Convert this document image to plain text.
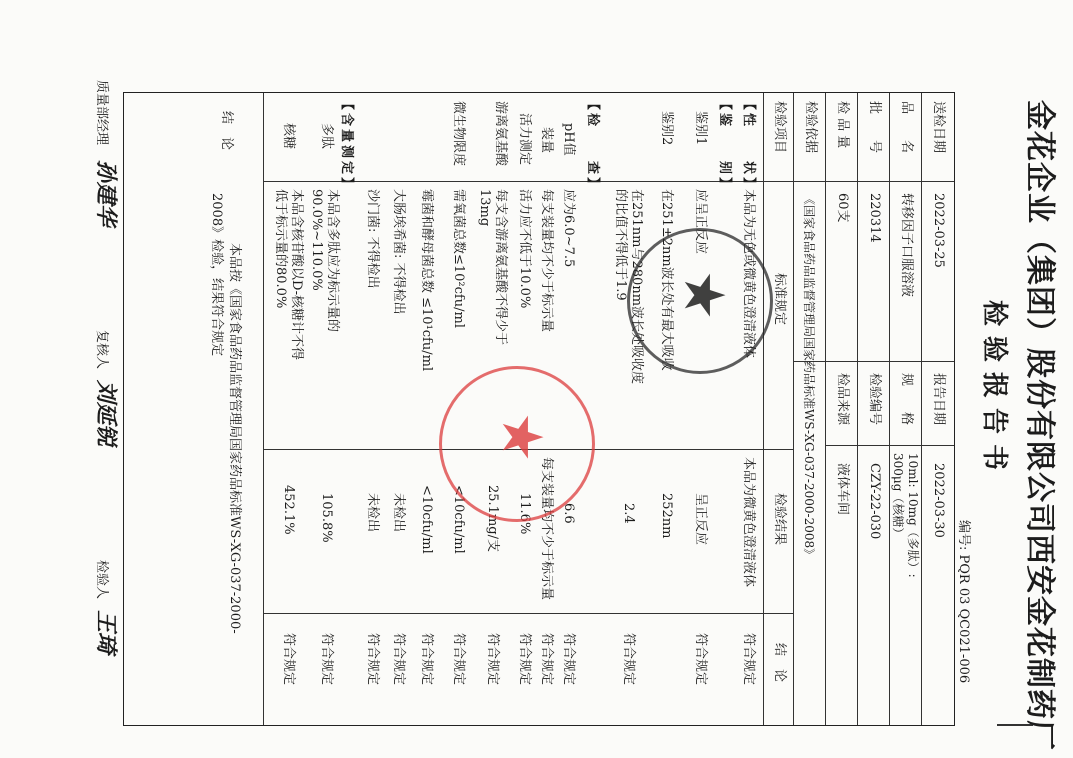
金花企业（集团）股份有限公司西安金花制药厂
检验报告书
编号: PQR 03 QC021-006
送检日期
2022-03-25
报告日期
2022-03-30
品　　名
转移因子口服溶液
规　　格
10ml: 10mg（多肽）:
300μg（核糖）
批　　号
220314
检验编号
CZY-22-030
检 品 量
60支
检品来源
液体车间
检验依据
《国家食品药品监督管理局国家药品标准WS-XG-037-2000-2008》
检验项目
标准规定
检验结果
结　论
【性　　状】
本品为无色或微黄色澄清液体
本品为微黄色澄清液体
符合规定
【鉴　　别】
鉴别1
应呈正反应
呈正反应
符合规定
鉴别2
在251±2nm波长处有最大吸收
在251nm与280nm波长处吸收度
的比值不得低于1.9
252nm
2.4
符合规定
【检　　查】
pH值
应为6.0~7.5
6.6
符合规定
装量
每支装量均不少于标示量
每支装量均不少于标示量
符合规定
活力测定
活力应不低于10.0%
11.6%
符合规定
游离氨基酸
每支含游离氨基酸不得少于
13mg
25.1mg/支
符合规定
微生物限度
需氧菌总数≤10²cfu/ml
<10cfu/ml
符合规定
霉菌和酵母菌总数 ≤10¹cfu/ml
<10cfu/ml
符合规定
大肠埃希菌: 不得检出
未检出
符合规定
沙门菌: 不得检出
未检出
符合规定
【含量测定】
多肽
本品含多肽应为标示量的
90.0%~110.0%
105.8%
符合规定
核糖
本品含核苷酸以D-核糖计不得
低于标示量的80.0%
452.1%
符合规定
结　论
本品按《国家食品药品监督管理局国家药品标准WS-XG-037-2000-
2008》检验，结果符合规定	★
★
质量部经理
孙建华
复核人
刘延锐
检验人
王琦
